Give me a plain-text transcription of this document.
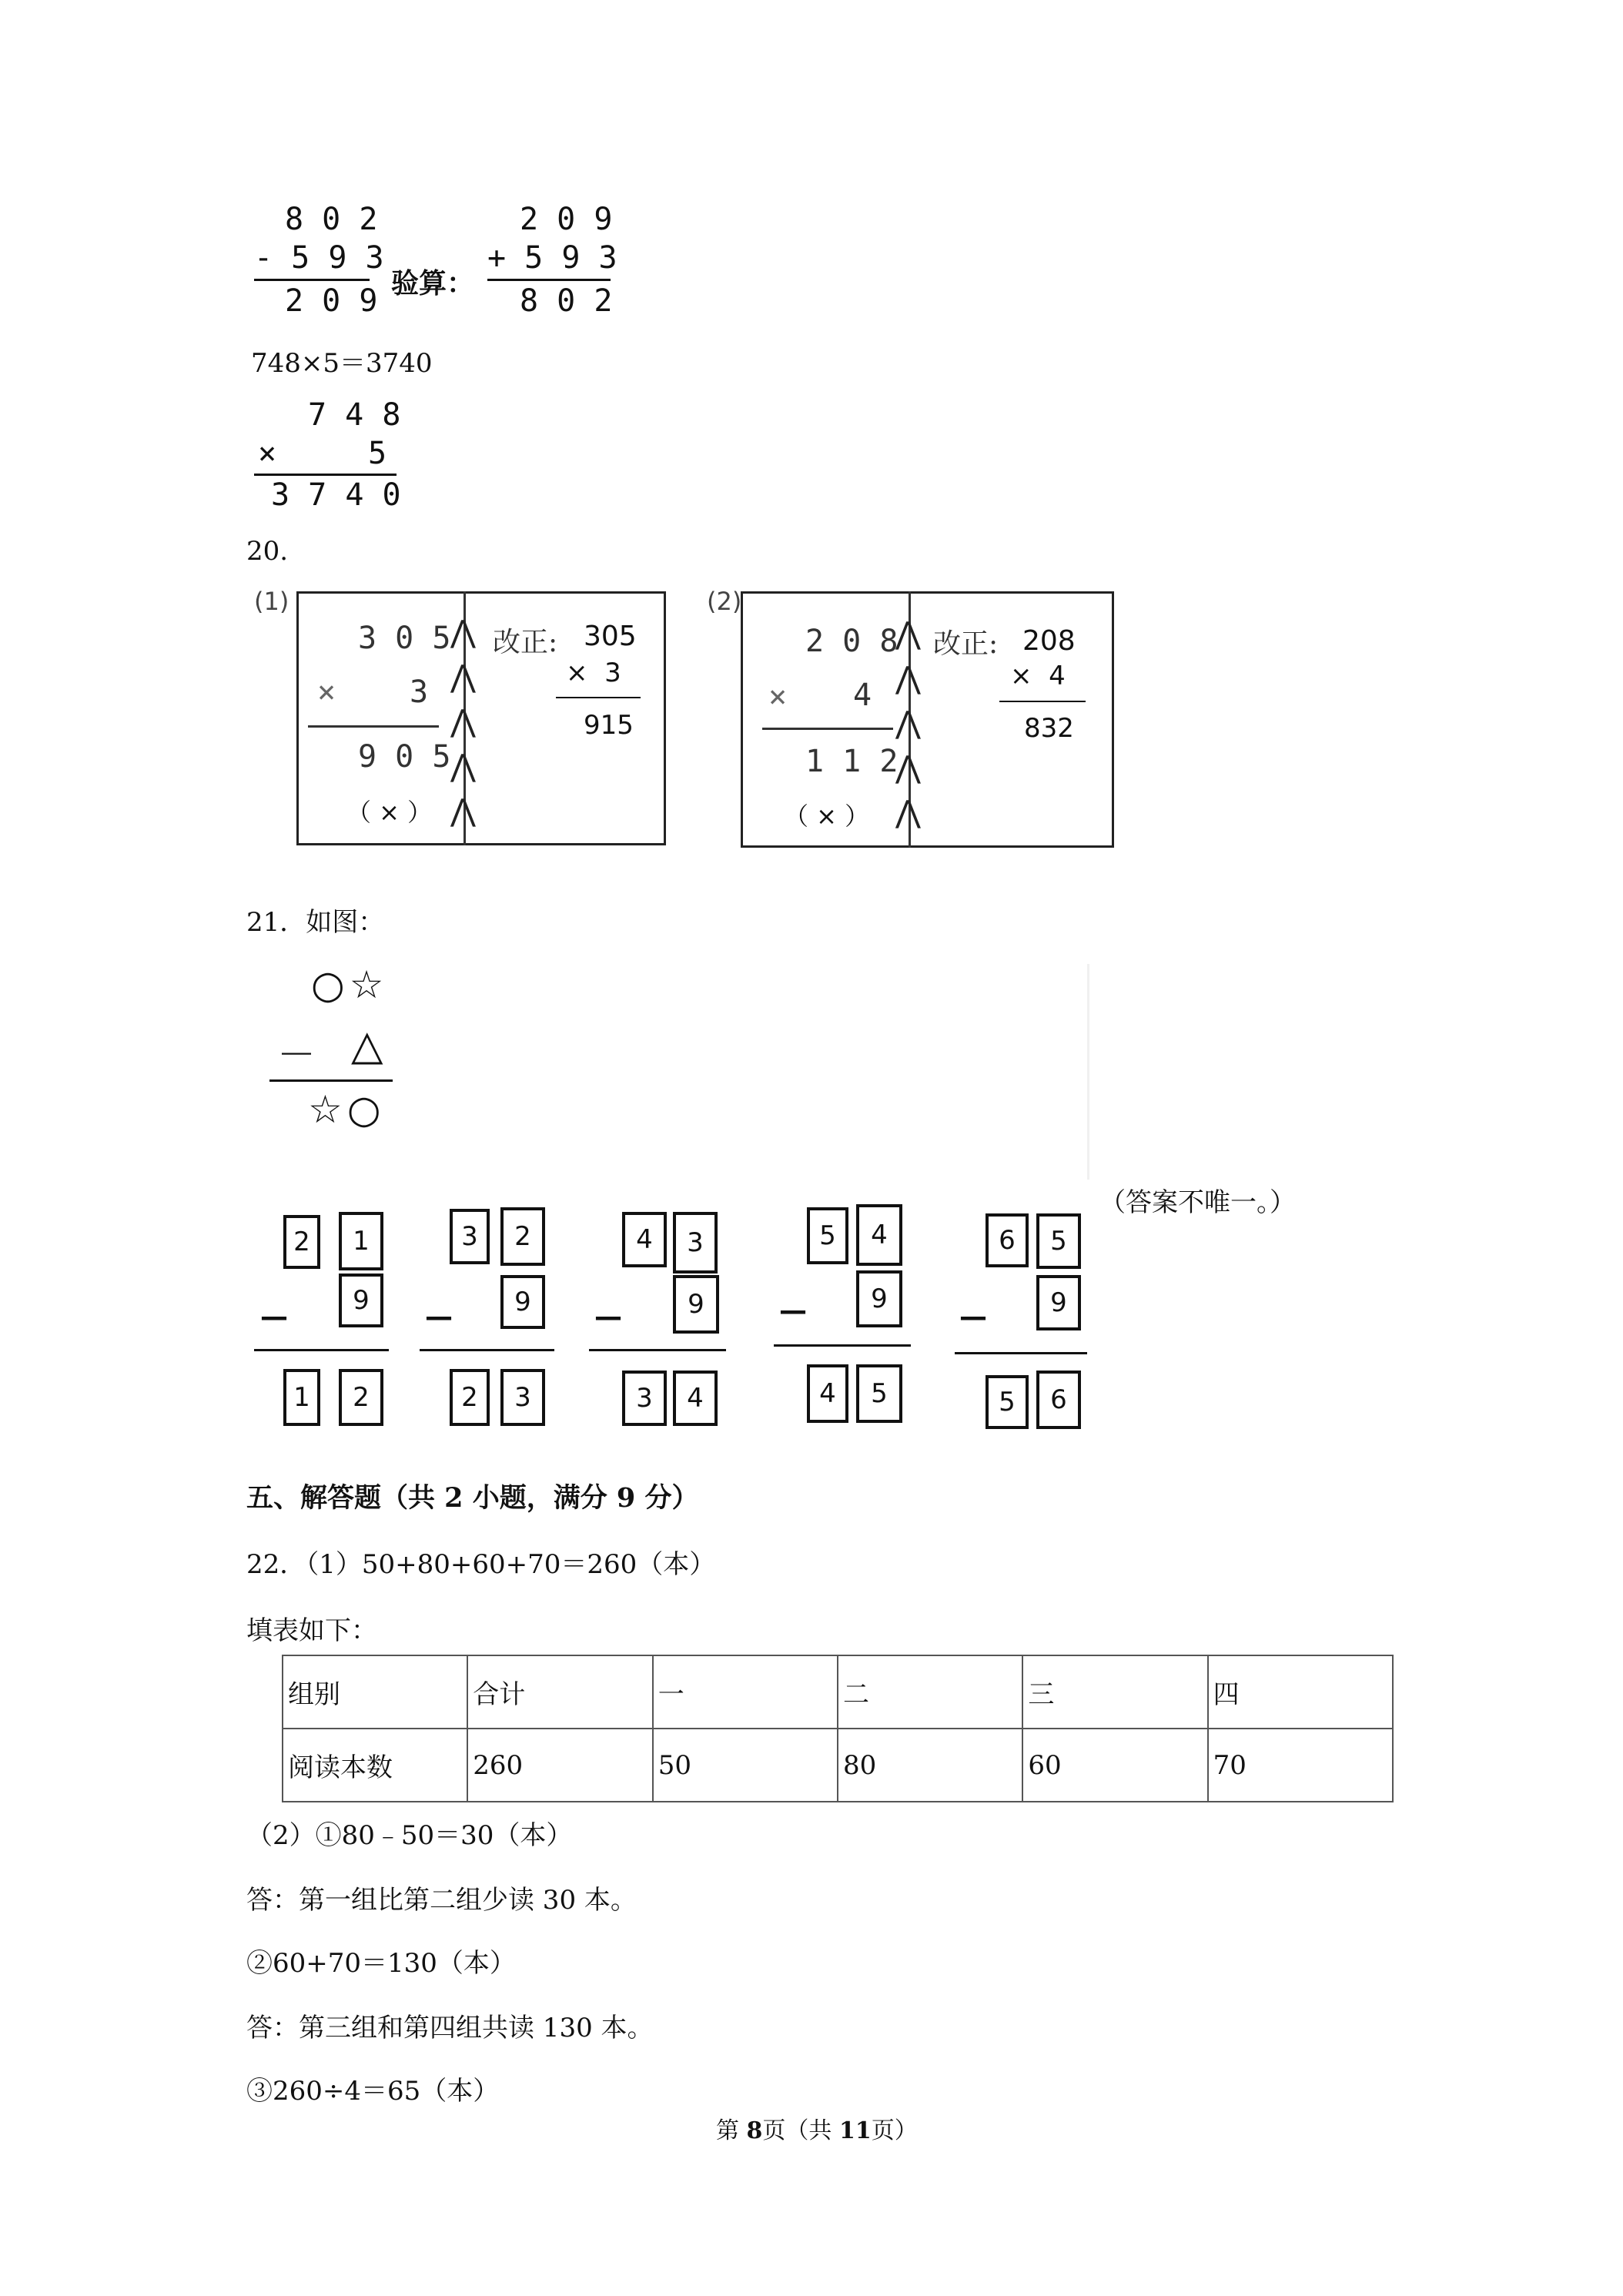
8 0 2
- 5 9 3
2 0 9 验算：
2 0 9
+ 5 9 3
8 0 2
748×5＝3740
7 4 8
×	5
3 7 4 0
20.
(1)
3 0 5
× 3
9 0 5
（ × ）
⋀
⋀
⋀
⋀
⋀
改正: 305
×  3
915
(2)
2 0 8
× 4
1 1 2
（ × ）
⋀
⋀
⋀
⋀
⋀
改正: 208
×  4
832
21．如图：
○☆
－ △
☆○
（答案不唯一。）
2	1
9
—
1	2
3	2
9
—
2	3
4	3
9
—
3	4
5	4
9
—
4	5
6	5
9
—
5	6
五、解答题（共 2 小题，满分 9 分）
22．（1）50+80+60+70＝260（本）
填表如下：
组别	合计	一	二	三	四
阅读本数	260	50	80	60	70
（2）①80﹣50＝30（本）
答：第一组比第二组少读 30 本。
②60+70＝130（本）
答：第三组和第四组共读 130 本。
③260÷4＝65（本）
第 8页（共 11页）
